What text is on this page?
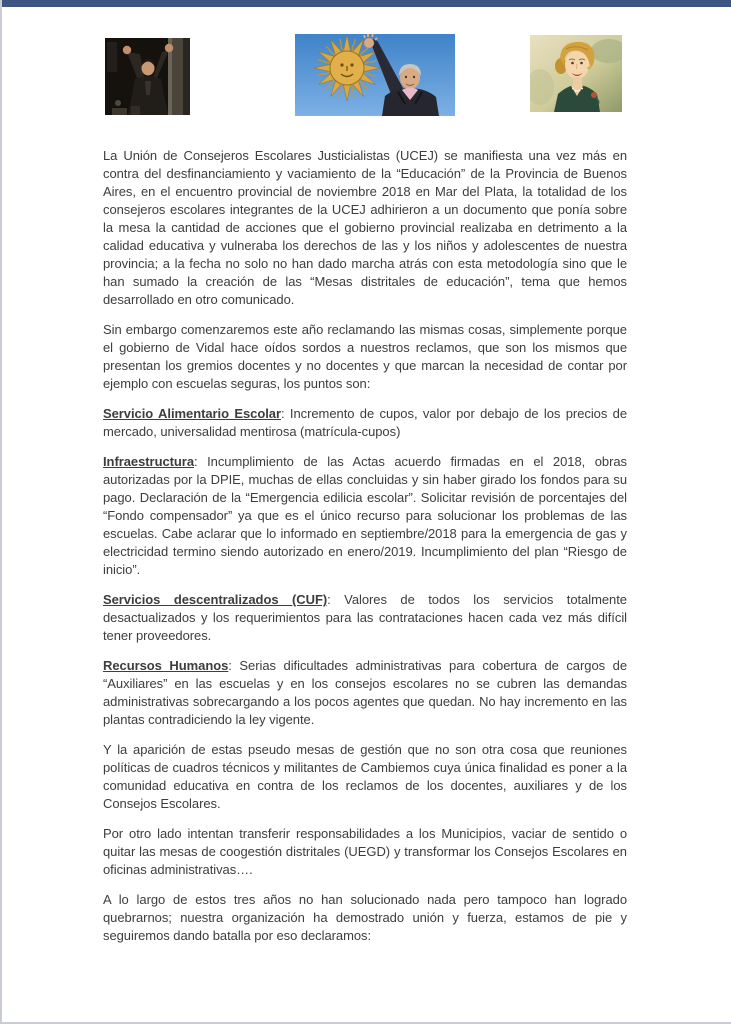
La Unión de Consejeros Escolares Justicialistas (UCEJ) se manifiesta una vez más en contra del desfinanciamiento y vaciamiento de la “Educación” de la Provincia de Buenos Aires, en el encuentro provincial de noviembre 2018 en Mar del Plata, la totalidad de los consejeros escolares integrantes de la UCEJ adhirieron a un documento que ponía sobre la mesa la cantidad de acciones que el gobierno provincial realizaba en detrimento a la calidad educativa y vulneraba los derechos de las y los niños y adolescentes de nuestra provincia; a la fecha no solo no han dado marcha atrás con esta metodología sino que le han sumado la creación de las “Mesas distritales de educación”, tema que hemos desarrollado en otro comunicado.

Sin embargo comenzaremos este año reclamando las mismas cosas, simplemente porque el gobierno de Vidal hace oídos sordos a nuestros reclamos, que son los mismos que presentan los gremios docentes y no docentes y que marcan la necesidad de contar por ejemplo con escuelas seguras, los puntos son:

Servicio Alimentario Escolar: Incremento de cupos, valor por debajo de los precios de mercado, universalidad mentirosa (matrícula-cupos)

Infraestructura: Incumplimiento de las Actas acuerdo firmadas en el 2018, obras autorizadas por la DPIE, muchas de ellas concluidas y sin haber girado los fondos para su pago. Declaración de la “Emergencia edilicia escolar”. Solicitar revisión de porcentajes del “Fondo compensador” ya que es el único recurso para solucionar los problemas de las escuelas. Cabe aclarar que lo informado en septiembre/2018 para la emergencia de gas y electricidad termino siendo autorizado en enero/2019. Incumplimiento del plan “Riesgo de inicio”.

Servicios descentralizados (CUF): Valores de todos los servicios totalmente desactualizados y los requerimientos para las contrataciones hacen cada vez más difícil tener proveedores.

Recursos Humanos: Serias dificultades administrativas para cobertura de cargos de “Auxiliares” en las escuelas y en los consejos escolares no se cubren las demandas administrativas sobrecargando a los pocos agentes que quedan. No hay incremento en las plantas contradiciendo la ley vigente.

Y la aparición de estas pseudo mesas de gestión que no son otra cosa que reuniones políticas de cuadros técnicos y militantes de Cambiemos cuya única finalidad es poner a la comunidad educativa en contra de los reclamos de los docentes, auxiliares y de los Consejos Escolares.

Por otro lado intentan transferir responsabilidades a los Municipios, vaciar de sentido o quitar las mesas de coogestión distritales (UEGD) y transformar los Consejos Escolares en oficinas administrativas….

A lo largo de estos tres años no han solucionado nada pero tampoco han logrado quebrarnos; nuestra organización ha demostrado unión y fuerza, estamos de pie y seguiremos dando batalla por eso declaramos:
